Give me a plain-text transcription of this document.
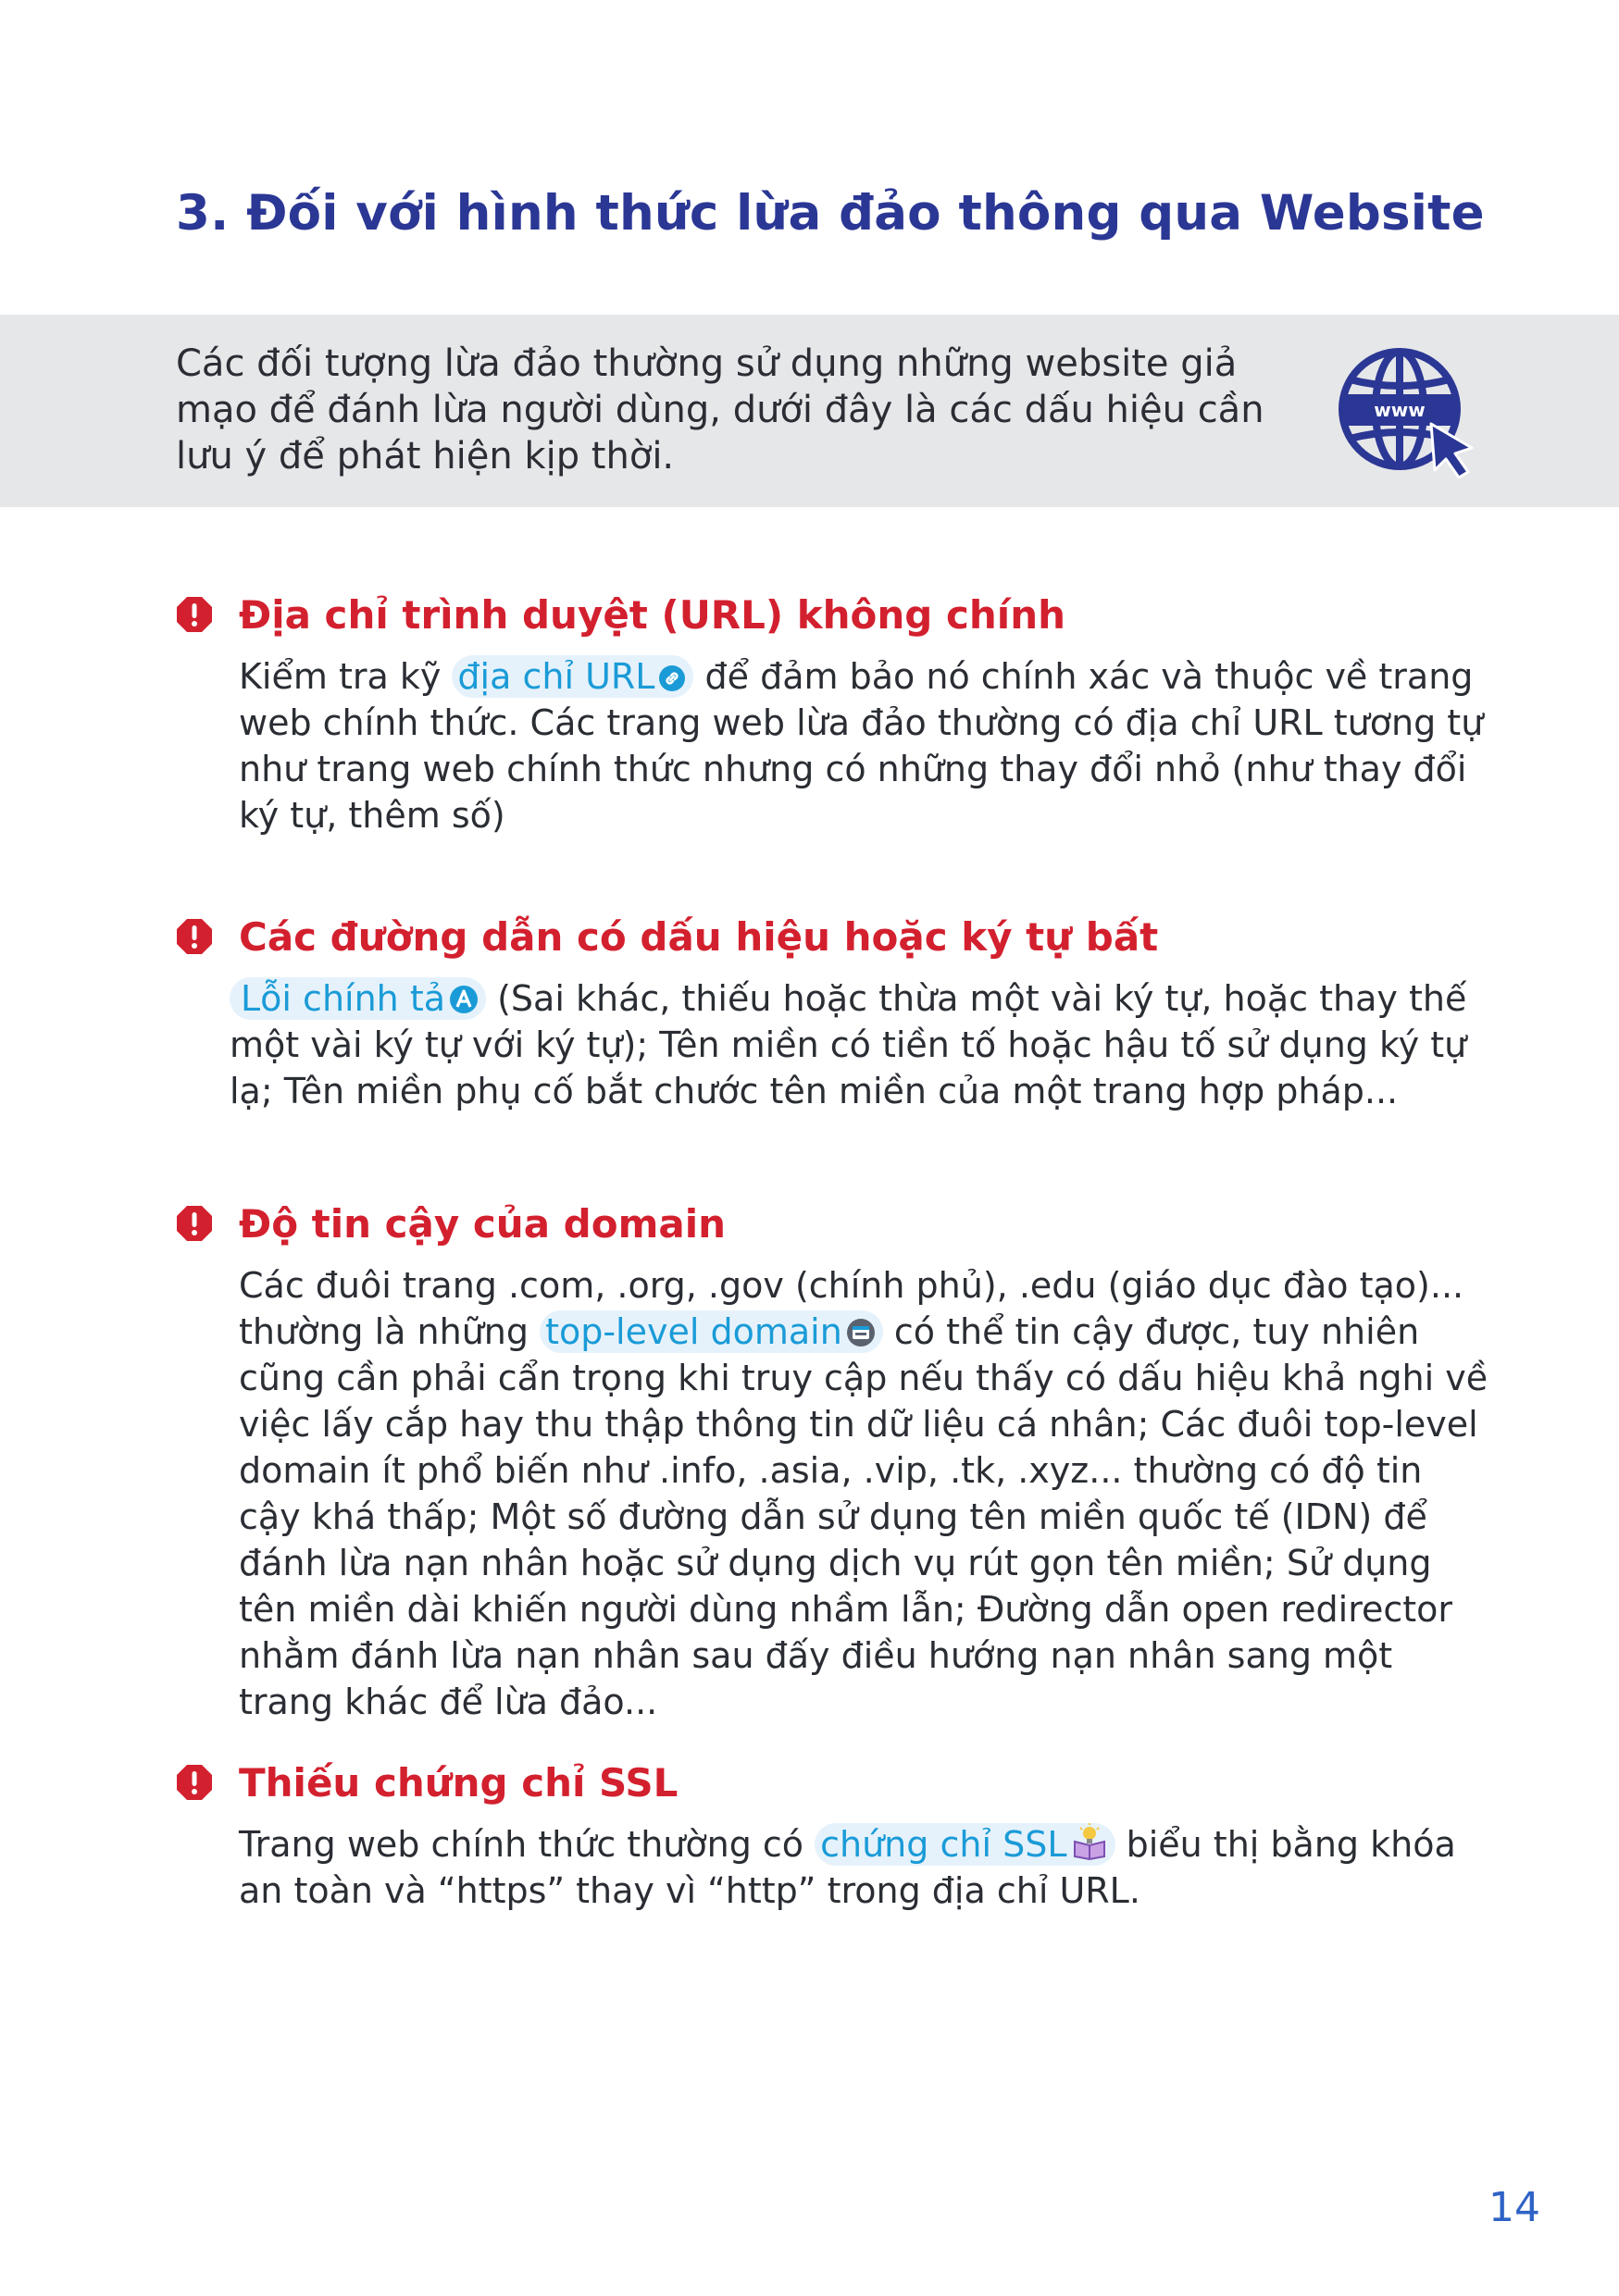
3. Đối với hình thức lừa đảo thông qua Website

Các đối tượng lừa đảo thường sử dụng những website giả mạo để đánh lừa người dùng, dưới đây là các dấu hiệu cần lưu ý để phát hiện kịp thời.

www
Địa chỉ trình duyệt (URL) không chính
Kiểm tra kỹ địa chỉ URL để đảm bảo nó chính xác và thuộc về trang web chính thức. Các trang web lừa đảo thường có địa chỉ URL tương tự như trang web chính thức nhưng có những thay đổi nhỏ (như thay đổi ký tự, thêm số)
Các đường dẫn có dấu hiệu hoặc ký tự bất
Lỗi chính tả (Sai khác, thiếu hoặc thừa một vài ký tự, hoặc thay thế một vài ký tự với ký tự); Tên miền có tiền tố hoặc hậu tố sử dụng ký tự lạ; Tên miền phụ cố bắt chước tên miền của một trang hợp pháp...
Độ tin cậy của domain
Các đuôi trang .com, .org, .gov (chính phủ), .edu (giáo dục đào tạo)... thường là những top-level domain có thể tin cậy được, tuy nhiên cũng cần phải cẩn trọng khi truy cập nếu thấy có dấu hiệu khả nghi về việc lấy cắp hay thu thập thông tin dữ liệu cá nhân; Các đuôi top-level domain ít phổ biến như .info, .asia, .vip, .tk, .xyz... thường có độ tin cậy khá thấp; Một số đường dẫn sử dụng tên miền quốc tế (IDN) để đánh lừa nạn nhân hoặc sử dụng dịch vụ rút gọn tên miền; Sử dụng tên miền dài khiến người dùng nhầm lẫn; Đường dẫn open redirector nhằm đánh lừa nạn nhân sau đấy điều hướng nạn nhân sang một trang khác để lừa đảo...
Thiếu chứng chỉ SSL
Trang web chính thức thường có chứng chỉ SSL biểu thị bằng khóa an toàn và “https” thay vì “http” trong địa chỉ URL.
14
